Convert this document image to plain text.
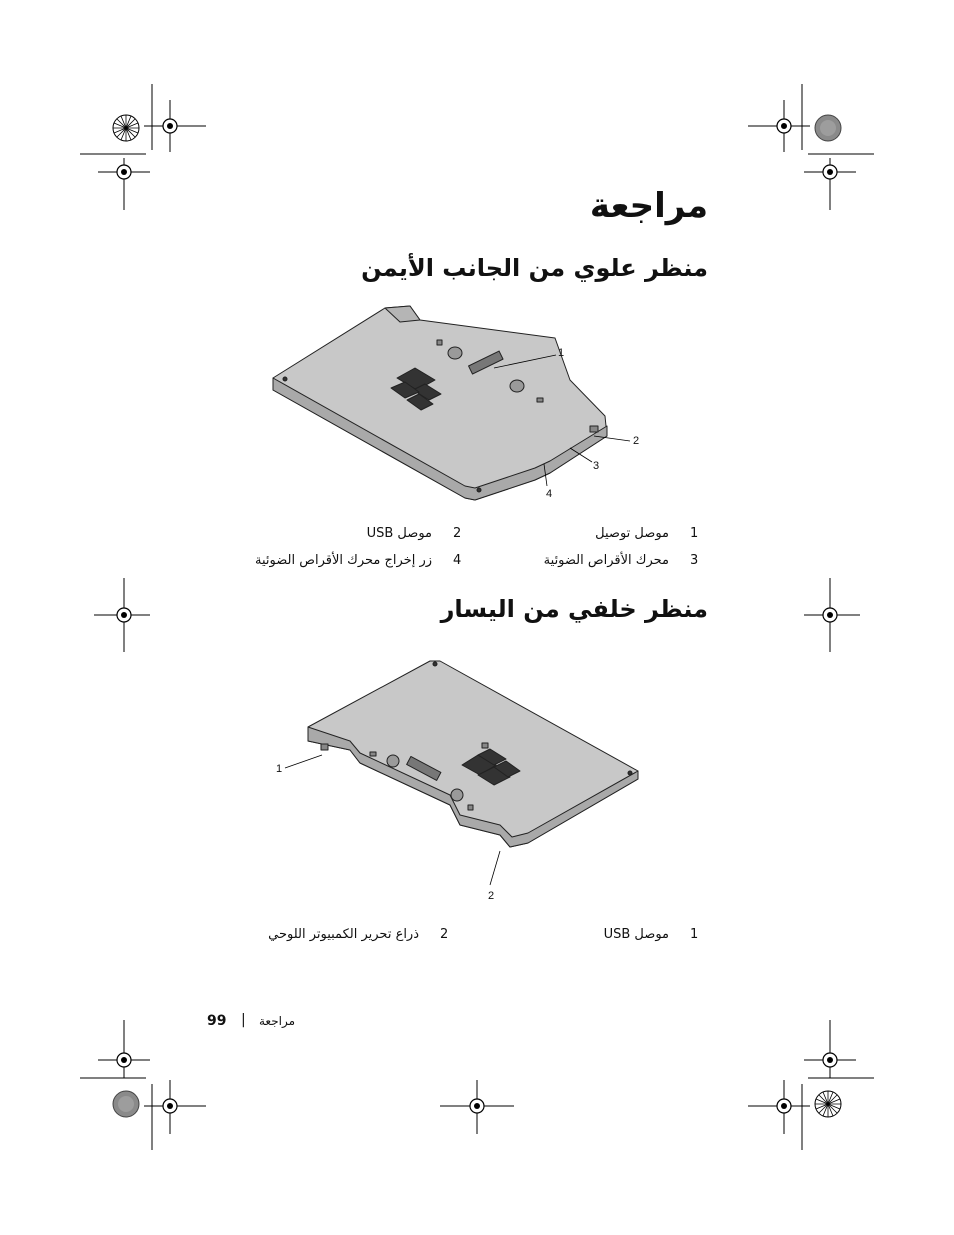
مراجعة
منظر علوي من الجانب الأيمن
1
2
3
4
1
موصل توصيل
2
موصل USB
3
محرك الأقراص الضوئية
4
زر إخراج محرك الأقراص الضوئية
منظر خلفي من اليسار
1
2
1
موصل USB
2
ذراع تحرير الكمبيوتر اللوحي
99 | مراجعة
